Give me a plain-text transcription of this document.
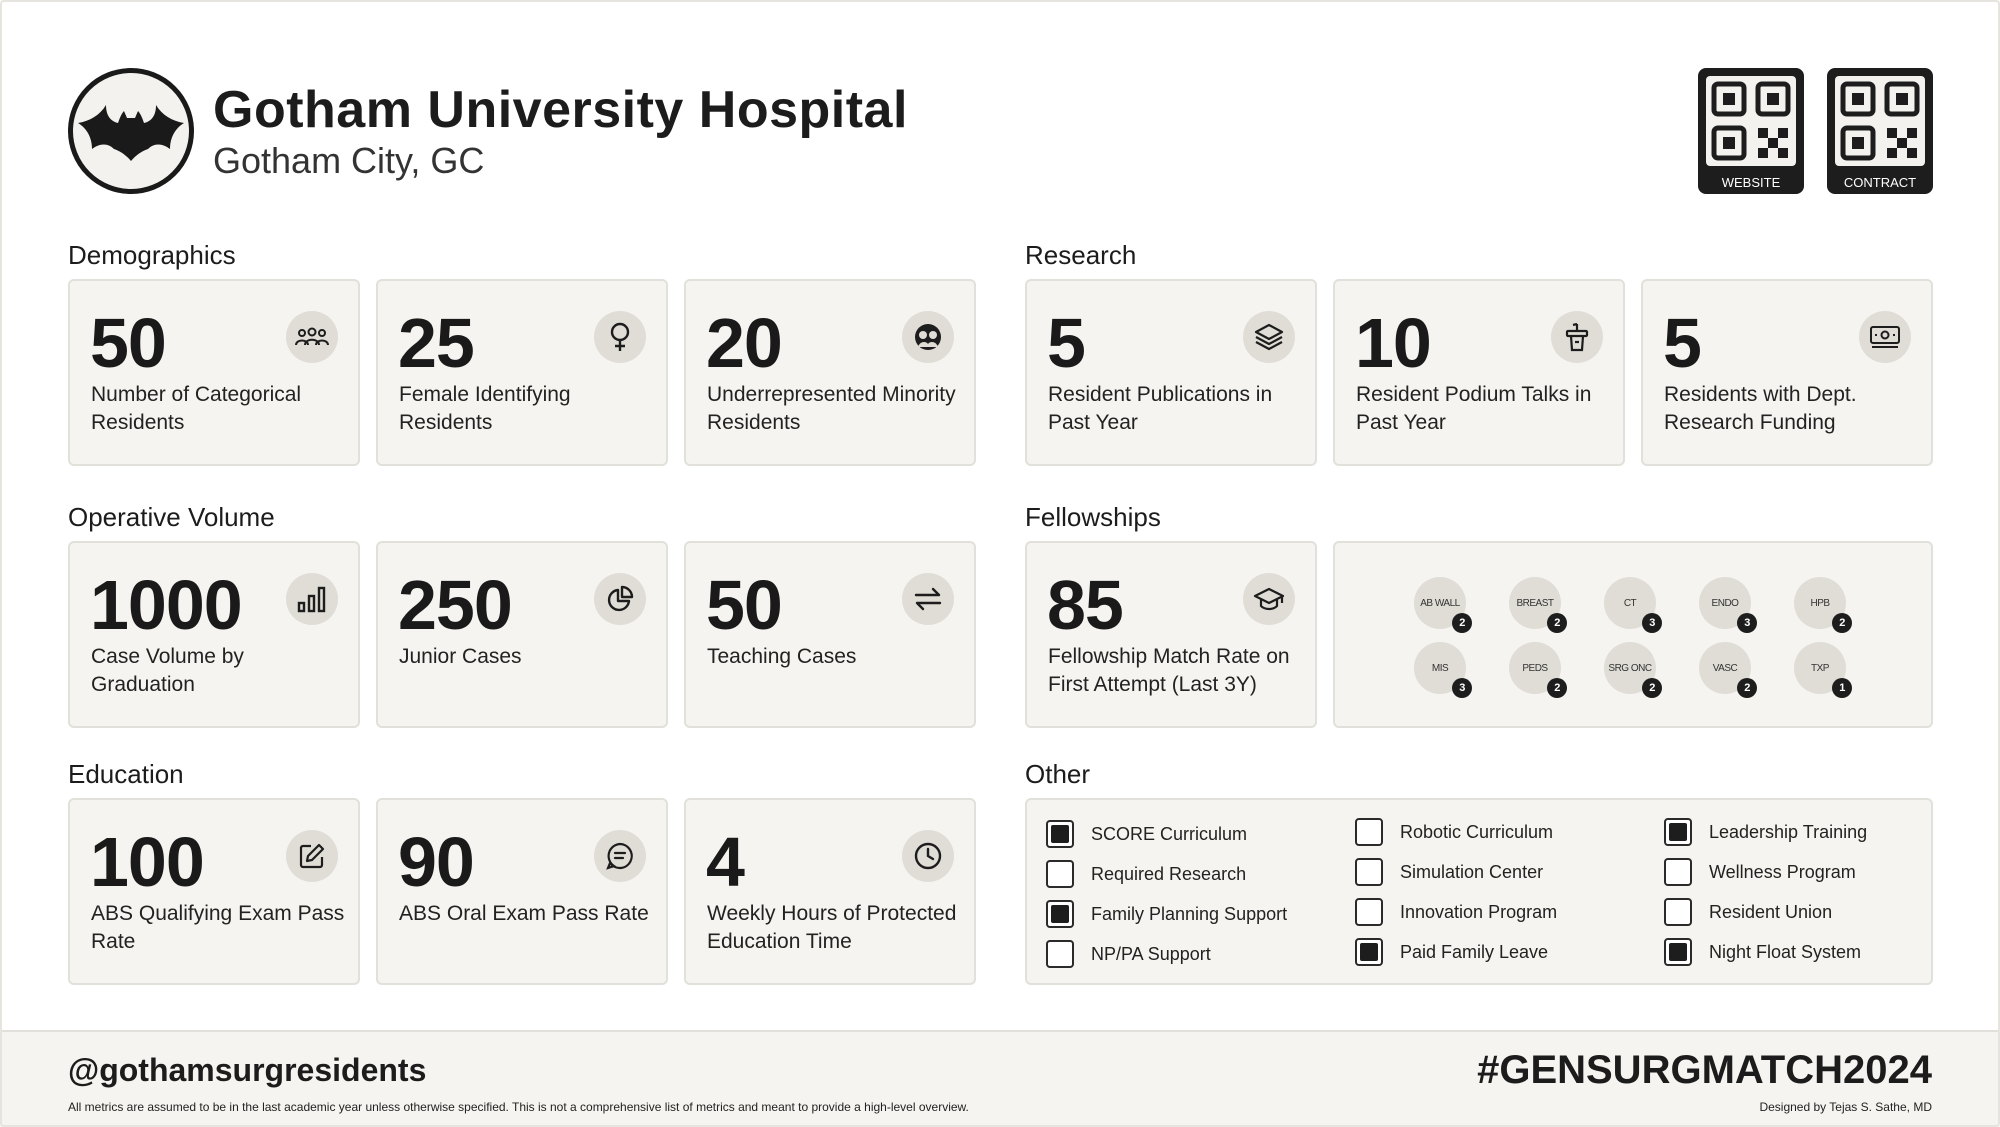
Gotham University Hospital
Gotham City, GC
WEBSITE	CONTRACT
Demographics	Research
Operative Volume	Fellowships
Education	Other
50
Number of Categorical Residents
25
Female Identifying Residents
20
Underrepresented Minority Residents
5
Resident Publications in Past Year
10
Resident Podium Talks in Past Year
5
Residents with Dept. Research Funding
1000
Case Volume by Graduation
250
Junior Cases
50
Teaching Cases
85
Fellowship Match Rate on First Attempt (Last 3Y)
AB WALL
2
BREAST
2
CT
3
ENDO
3
HPB
2
MIS
3
PEDS
2
SRG ONC
2
VASC
2
TXP
1
100
ABS Qualifying Exam Pass Rate
90
ABS Oral Exam Pass Rate
4
Weekly Hours of Protected Education Time
SCORE Curriculum
Required Research
Family Planning Support
NP/PA Support
Robotic Curriculum
Simulation Center
Innovation Program
Paid Family Leave
Leadership Training
Wellness Program
Resident Union
Night Float System
@gothamsurgresidents
All metrics are assumed to be in the last academic year unless otherwise specified. This is not a comprehensive list of metrics and meant to provide a high-level overview.
#GENSURGMATCH2024
Designed by Tejas S. Sathe, MD
